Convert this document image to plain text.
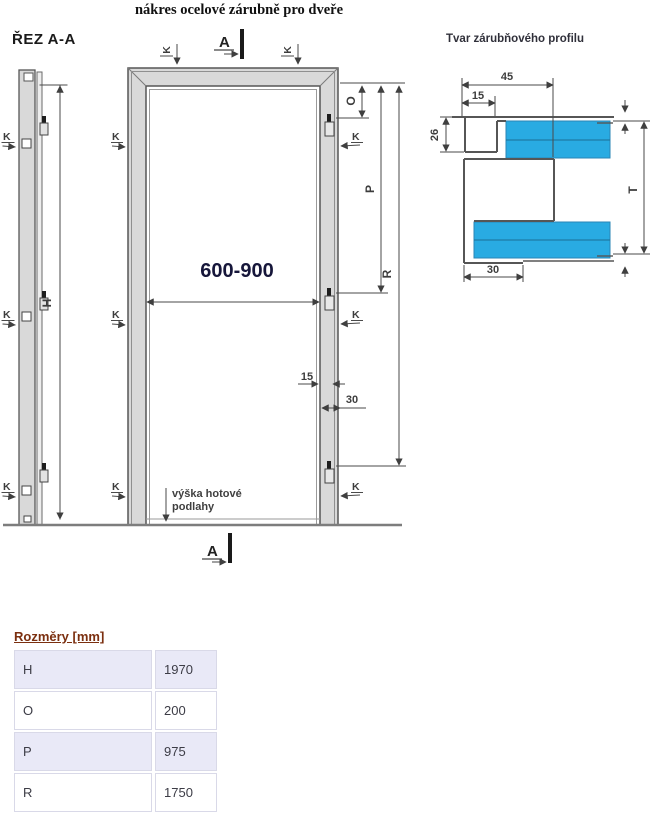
nákres ocelové zárubně pro dveře
ŘEZ A-A	Tvar zárubňového profilu
H
K
K
K
A
A
K	K
K
K
K
K
K
K
O
P
R
600-900
15
30
výška hotové
podlahy
45
15
26
30
T
Rozměry [mm]
H	1970
O	200
P	975
R	1750
